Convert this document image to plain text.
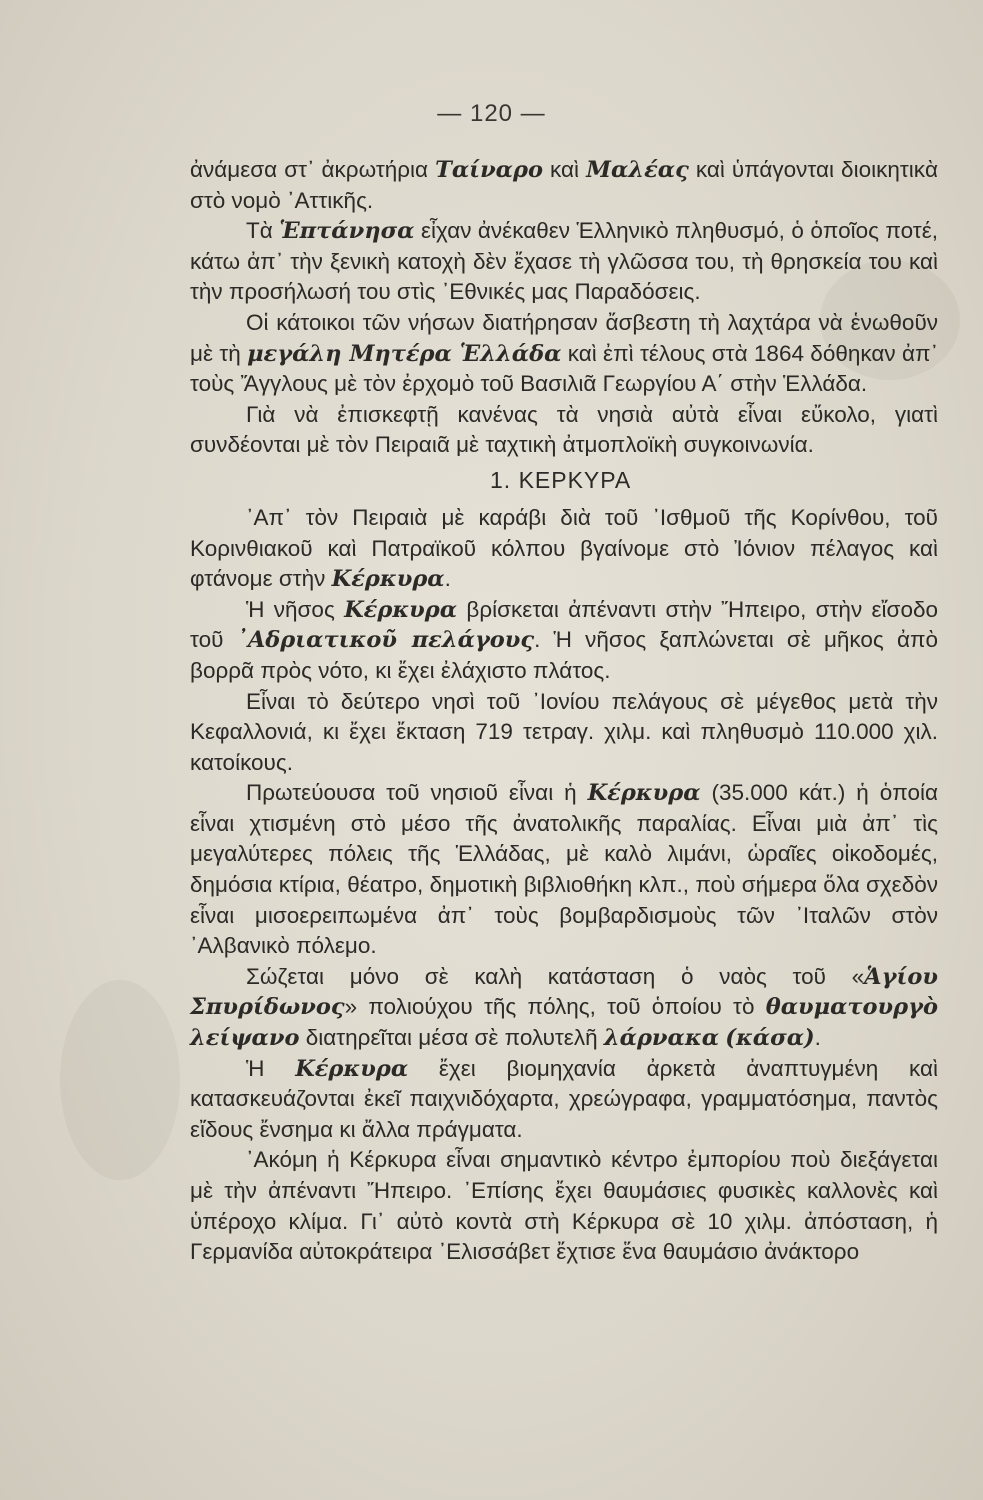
— 120 —

ἀνάμεσα στ᾿ ἀκρωτήρια Ταίναρο καὶ Μαλέας καὶ ὑπάγονται διοικητικὰ στὸ νομὸ ᾿Αττικῆς.

Τὰ Ἑπτάνησα εἶχαν ἀνέκαθεν Ἑλληνικὸ πληθυσμό, ὁ ὁποῖος ποτέ, κάτω ἀπ᾿ τὴν ξενικὴ κατοχὴ δὲν ἔχασε τὴ γλῶσσα του, τὴ θρησκεία του καὶ τὴν προσήλωσή του στὶς ᾿Εθνικές μας Παραδόσεις.

Οἱ κάτοικοι τῶν νήσων διατήρησαν ἄσβεστη τὴ λαχτάρα νὰ ἑνωθοῦν μὲ τὴ μεγάλη Μητέρα Ἑλλάδα καὶ ἐπὶ τέλους στὰ 1864 δόθηκαν ἀπ᾿ τοὺς Ἄγγλους μὲ τὸν ἐρχομὸ τοῦ Βασιλιᾶ Γεωργίου Α΄ στὴν Ἑλλάδα.

Γιὰ νὰ ἐπισκεφτῇ κανένας τὰ νησιὰ αὐτὰ εἶναι εὔκολο, γιατὶ συνδέονται μὲ τὸν Πειραιᾶ μὲ ταχτικὴ ἀτμοπλοϊκὴ συγκοινωνία.

1. ΚΕΡΚΥΡΑ

᾿Απ᾿ τὸν Πειραιὰ μὲ καράβι διὰ τοῦ ᾿Ισθμοῦ τῆς Κορίνθου, τοῦ Κορινθιακοῦ καὶ Πατραϊκοῦ κόλπου βγαίνομε στὸ Ἰόνιον πέλαγος καὶ φτάνομε στὴν Κέρκυρα.

Ἡ νῆσος Κέρκυρα βρίσκεται ἀπέναντι στὴν Ἤπειρο, στὴν εἴσοδο τοῦ ᾿Αδριατικοῦ πελάγους. Ἡ νῆσος ξαπλώνεται σὲ μῆκος ἀπὸ βορρᾶ πρὸς νότο, κι ἔχει ἐλάχιστο πλάτος.

Εἶναι τὸ δεύτερο νησὶ τοῦ ᾿Ιονίου πελάγους σὲ μέγεθος μετὰ τὴν Κεφαλλονιά, κι ἔχει ἔκταση 719 τετραγ. χιλμ. καὶ πληθυσμὸ 110.000 χιλ. κατοίκους.

Πρωτεύουσα τοῦ νησιοῦ εἶναι ἡ Κέρκυρα (35.000 κάτ.) ἡ ὁποία εἶναι χτισμένη στὸ μέσο τῆς ἀνατολικῆς παραλίας. Εἶναι μιὰ ἀπ᾿ τὶς μεγαλύτερες πόλεις τῆς Ἑλλάδας, μὲ καλὸ λιμάνι, ὡραῖες οἰκοδομές, δημόσια κτίρια, θέατρο, δημοτικὴ βιβλιοθήκη κλπ., ποὺ σήμερα ὅλα σχεδὸν εἶναι μισοερειπωμένα ἀπ᾿ τοὺς βομβαρδισμοὺς τῶν ᾿Ιταλῶν στὸν ᾿Αλβανικὸ πόλεμο.

Σώζεται μόνο σὲ καλὴ κατάσταση ὁ ναὸς τοῦ «Ἁγίου Σπυρίδωνος» πολιούχου τῆς πόλης, τοῦ ὁποίου τὸ θαυματουργὸ λείψανο διατηρεῖται μέσα σὲ πολυτελῆ λάρνακα (κάσα).

Ἡ Κέρκυρα ἔχει βιομηχανία ἀρκετὰ ἀναπτυγμένη καὶ κατασκευάζονται ἐκεῖ παιχνιδόχαρτα, χρεώγραφα, γραμματόσημα, παντὸς εἴδους ἔνσημα κι ἄλλα πράγματα.

᾿Ακόμη ἡ Κέρκυρα εἶναι σημαντικὸ κέντρο ἐμπορίου ποὺ διεξάγεται μὲ τὴν ἀπέναντι Ἤπειρο. ᾿Επίσης ἔχει θαυμάσιες φυσικὲς καλλονὲς καὶ ὑπέροχο κλίμα. Γι᾿ αὐτὸ κοντὰ στὴ Κέρκυρα σὲ 10 χιλμ. ἀπόσταση, ἡ Γερμανίδα αὐτοκράτειρα ᾿Ελισσάβετ ἔχτισε ἕνα θαυμάσιο ἀνάκτορο
